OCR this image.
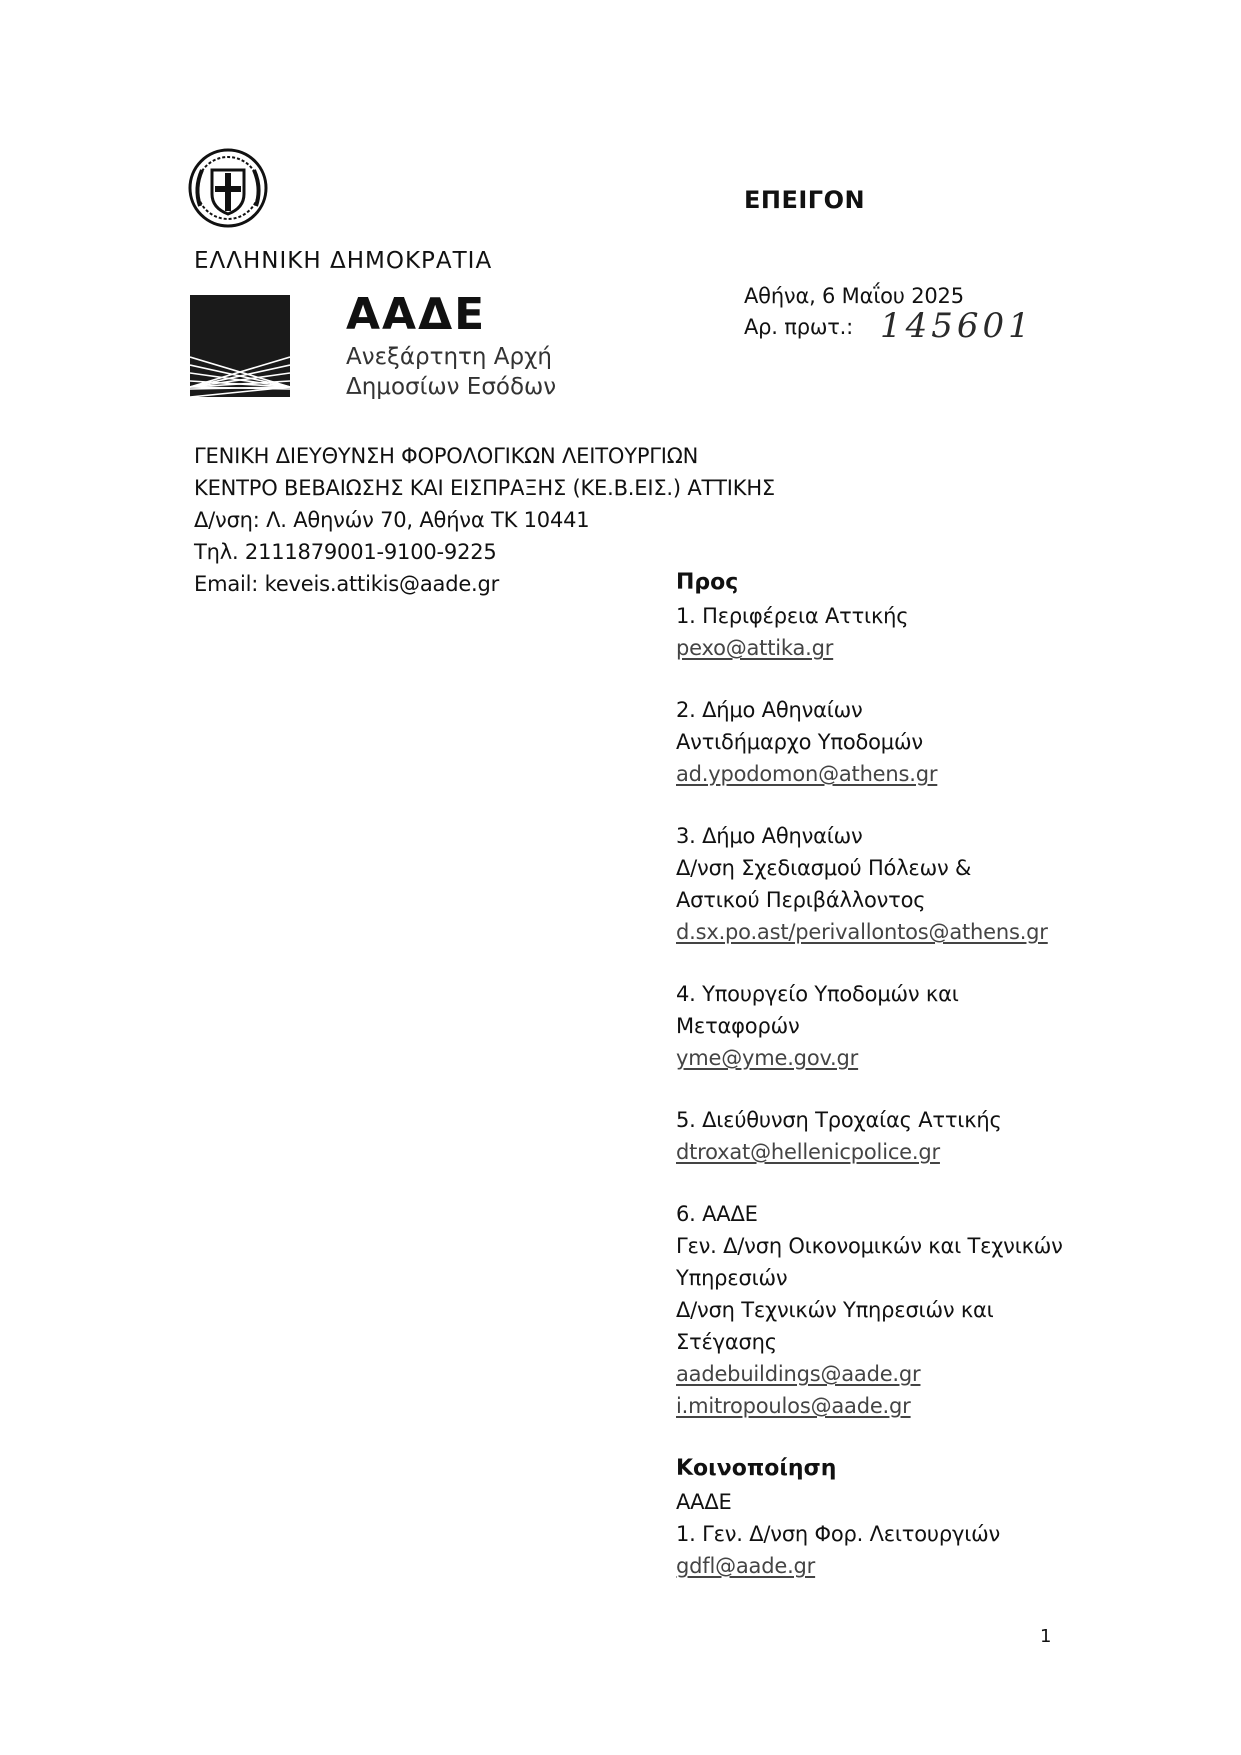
ΕΠΕΙΓΟΝ
ΕΛΛΗΝΙΚΗ ΔΗΜΟΚΡΑΤΙΑ
ΑΑΔΕ
Ανεξάρτητη Αρχή
Δημοσίων Εσόδων
Αθήνα, 6 Μαΐου 2025
Αρ. πρωτ.: 145601
ΓΕΝΙΚΗ ΔΙΕΥΘΥΝΣΗ ΦΟΡΟΛΟΓΙΚΩΝ ΛΕΙΤΟΥΡΓΙΩΝ
ΚΕΝΤΡΟ ΒΕΒΑΙΩΣΗΣ ΚΑΙ ΕΙΣΠΡΑΞΗΣ (ΚΕ.Β.ΕΙΣ.) ΑΤΤΙΚΗΣ
Δ/νση: Λ. Αθηνών 70, Αθήνα ΤΚ 10441
Τηλ. 2111879001-9100-9225
Email: keveis.attikis@aade.gr	Προς
1. Περιφέρεια Αττικής
pexo@attika.gr
2. Δήμο Αθηναίων
Αντιδήμαρχο Υποδομών
ad.ypodomon@athens.gr
3. Δήμο Αθηναίων
Δ/νση Σχεδιασμού Πόλεων &
Αστικού Περιβάλλοντος
d.sx.po.ast/perivallontos@athens.gr
4. Υπουργείο Υποδομών και
Μεταφορών
yme@yme.gov.gr
5. Διεύθυνση Τροχαίας Αττικής
dtroxat@hellenicpolice.gr
6. ΑΑΔΕ
Γεν. Δ/νση Οικονομικών και Τεχνικών
Υπηρεσιών
Δ/νση Τεχνικών Υπηρεσιών και
Στέγασης
aadebuildings@aade.gr
i.mitropoulos@aade.gr
Κοινοποίηση
ΑΑΔΕ
1. Γεν. Δ/νση Φορ. Λειτουργιών
gdfl@aade.gr
1
